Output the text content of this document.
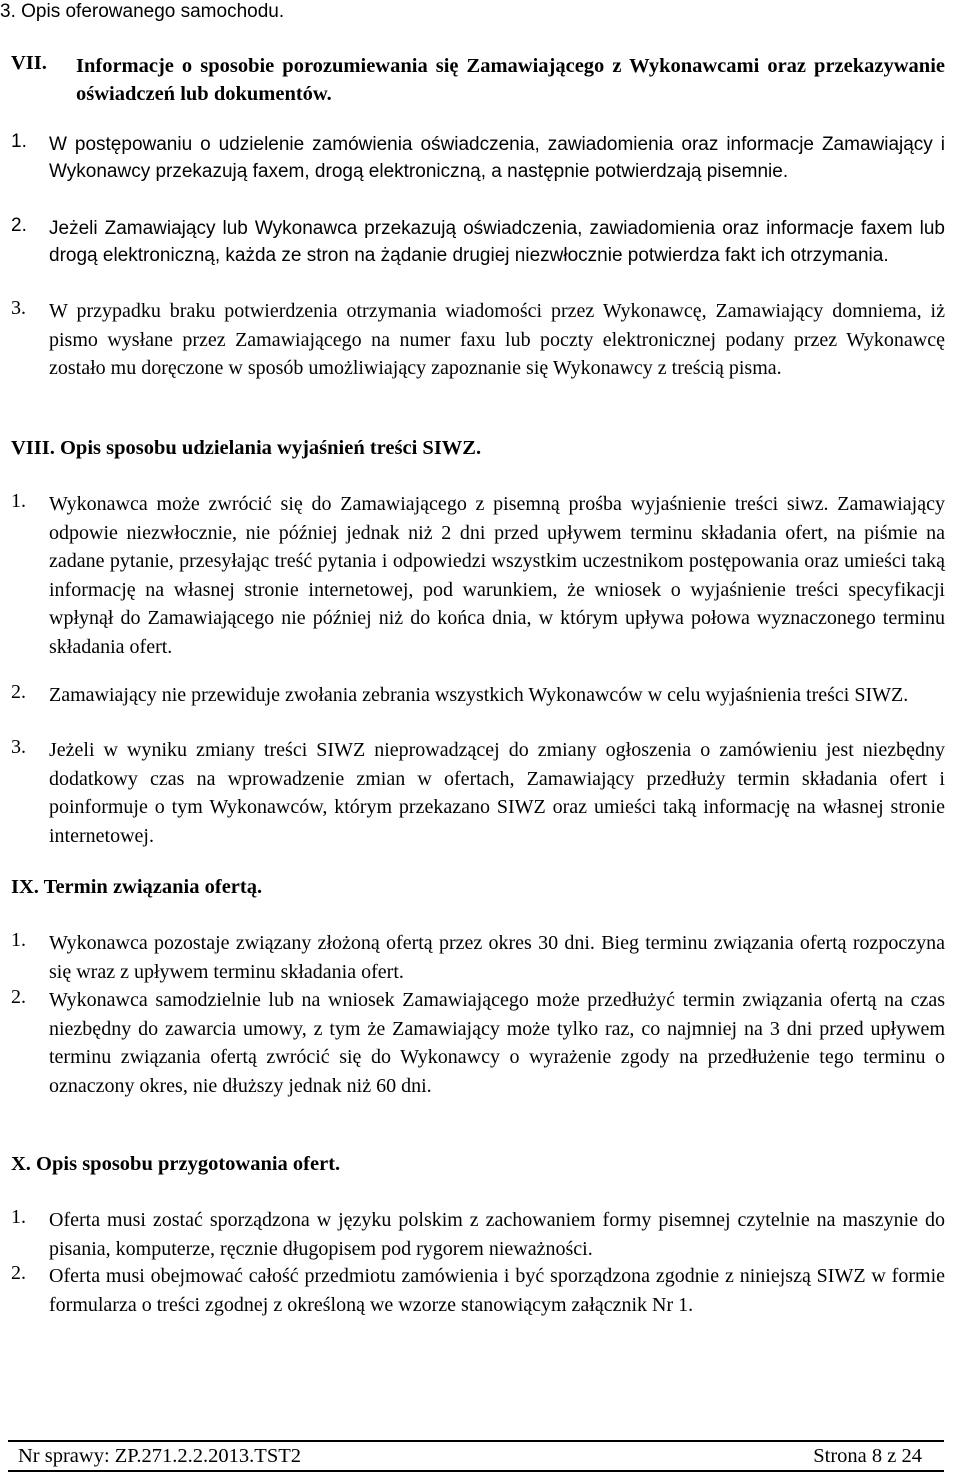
3. Opis oferowanego samochodu.
VII. Informacje o sposobie porozumiewania się Zamawiającego z Wykonawcami oraz przekazywanie oświadczeń lub dokumentów.
1. W postępowaniu o udzielenie zamówienia oświadczenia, zawiadomienia oraz informacje Zamawiający i Wykonawcy przekazują faxem, drogą elektroniczną, a następnie potwierdzają pisemnie.
2. Jeżeli Zamawiający lub Wykonawca przekazują oświadczenia, zawiadomienia oraz informacje faxem lub drogą elektroniczną, każda ze stron na żądanie drugiej niezwłocznie potwierdza fakt ich otrzymania.
3. W przypadku braku potwierdzenia otrzymania wiadomości przez Wykonawcę, Zamawiający domniema, iż pismo wysłane przez Zamawiającego na numer faxu lub poczty elektronicznej podany przez Wykonawcę zostało mu doręczone w sposób umożliwiający zapoznanie się Wykonawcy z treścią pisma.
VIII. Opis sposobu udzielania wyjaśnień treści SIWZ.
1. Wykonawca może zwrócić się do Zamawiającego z pisemną prośba wyjaśnienie treści siwz. Zamawiający odpowie niezwłocznie, nie później jednak niż 2 dni przed upływem terminu składania ofert, na piśmie na zadane pytanie, przesyłając treść pytania i odpowiedzi wszystkim uczestnikom postępowania oraz umieści taką informację na własnej stronie internetowej, pod warunkiem, że wniosek o wyjaśnienie treści specyfikacji wpłynął do Zamawiającego nie później niż do końca dnia, w którym upływa połowa wyznaczonego terminu składania ofert.
2. Zamawiający nie przewiduje zwołania zebrania wszystkich Wykonawców w celu wyjaśnienia treści SIWZ.
3. Jeżeli w wyniku zmiany treści SIWZ nieprowadzącej do zmiany ogłoszenia o zamówieniu jest niezbędny dodatkowy czas na wprowadzenie zmian w ofertach, Zamawiający przedłuży termin składania ofert i poinformuje o tym Wykonawców, którym przekazano SIWZ oraz umieści taką informację na własnej stronie internetowej.
IX. Termin związania ofertą.
1. Wykonawca pozostaje związany złożoną ofertą przez okres 30 dni. Bieg terminu związania ofertą rozpoczyna się wraz z upływem terminu składania ofert.
2. Wykonawca samodzielnie lub na wniosek Zamawiającego może przedłużyć termin związania ofertą na czas niezbędny do zawarcia umowy, z tym że Zamawiający może tylko raz, co najmniej na 3 dni przed upływem terminu związania ofertą zwrócić się do Wykonawcy o wyrażenie zgody na przedłużenie tego terminu o oznaczony okres, nie dłuższy jednak niż 60 dni.
X. Opis sposobu przygotowania ofert.
1. Oferta musi zostać sporządzona w języku polskim z zachowaniem formy pisemnej czytelnie na maszynie do pisania, komputerze, ręcznie długopisem pod rygorem nieważności.
2. Oferta musi obejmować całość przedmiotu zamówienia i być sporządzona zgodnie z niniejszą SIWZ w formie formularza o treści zgodnej z określoną we wzorze stanowiącym załącznik Nr 1.
Nr sprawy: ZP.271.2.2.2013.TST2	Strona 8 z 24
